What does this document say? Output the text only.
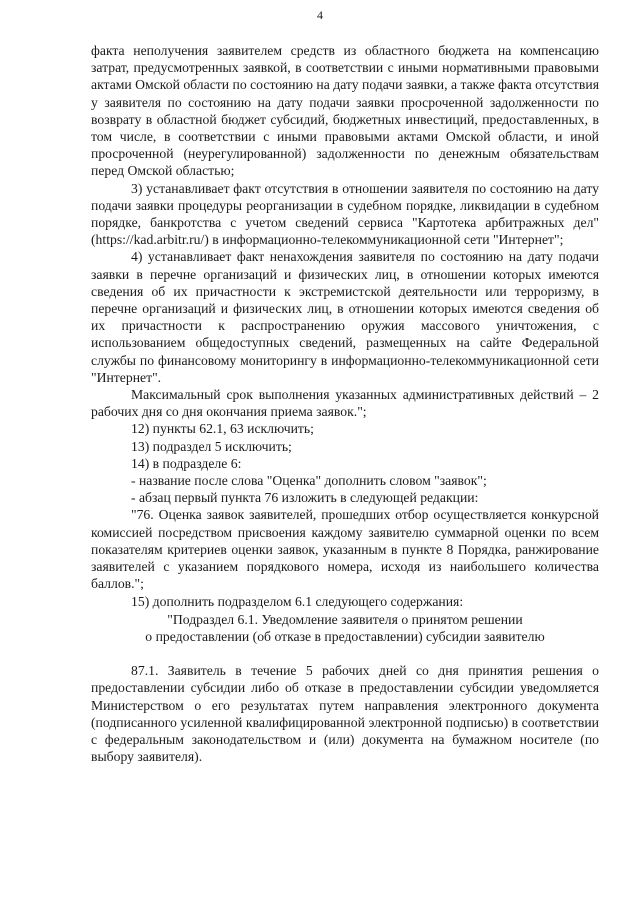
4

факта неполучения заявителем средств из областного бюджета на компенсацию затрат, предусмотренных заявкой, в соответствии с иными нормативными правовыми актами Омской области по состоянию на дату подачи заявки, а также факта отсутствия у заявителя по состоянию на дату подачи заявки просроченной задолженности по возврату в областной бюджет субсидий, бюджетных инвестиций, предоставленных, в том числе, в соответствии с иными правовыми актами Омской области, и иной просроченной (неурегулированной) задолженности по денежным обязательствам перед Омской областью;

3) устанавливает факт отсутствия в отношении заявителя по состоянию на дату подачи заявки процедуры реорганизации в судебном порядке, ликвидации в судебном порядке, банкротства с учетом сведений сервиса "Картотека арбитражных дел" (https://kad.arbitr.ru/) в информационно-телекоммуникационной сети "Интернет";

4) устанавливает факт ненахождения заявителя по состоянию на дату подачи заявки в перечне организаций и физических лиц, в отношении которых имеются сведения об их причастности к экстремистской деятельности или терроризму, в перечне организаций и физических лиц, в отношении которых имеются сведения об их причастности к распространению оружия массового уничтожения, с использованием общедоступных сведений, размещенных на сайте Федеральной службы по финансовому мониторингу в информационно-телекоммуникационной сети "Интернет".

Максимальный срок выполнения указанных административных действий – 2 рабочих дня со дня окончания приема заявок.";

12) пункты 62.1, 63 исключить;

13) подраздел 5 исключить;

14) в подразделе 6:

- название после слова "Оценка" дополнить словом "заявок";

- абзац первый пункта 76 изложить в следующей редакции:

"76. Оценка заявок заявителей, прошедших отбор осуществляется конкурсной комиссией посредством присвоения каждому заявителю суммарной оценки по всем показателям критериев оценки заявок, указанным в пункте 8 Порядка, ранжирование заявителей с указанием порядкового номера, исходя из наибольшего количества баллов.";

15) дополнить подразделом 6.1 следующего содержания:

"Подраздел 6.1. Уведомление заявителя о принятом решении

о предоставлении (об отказе в предоставлении) субсидии заявителю

87.1. Заявитель в течение 5 рабочих дней со дня принятия решения о предоставлении субсидии либо об отказе в предоставлении субсидии уведомляется Министерством о его результатах путем направления электронного документа (подписанного усиленной квалифицированной электронной подписью) в соответствии с федеральным законодательством и (или) документа на бумажном носителе (по выбору заявителя).
